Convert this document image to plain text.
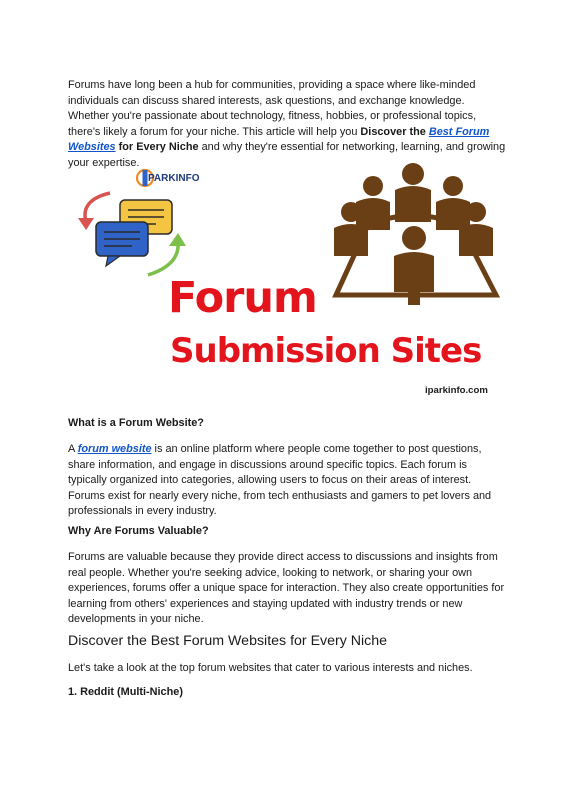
Forums have long been a hub for communities, providing a space where like-minded individuals can discuss shared interests, ask questions, and exchange knowledge. Whether you're passionate about technology, fitness, hobbies, or professional topics, there's likely a forum for your niche. This article will help you Discover the Best Forum Websites for Every Niche and why they're essential for networking, learning, and growing your expertise.

PARKINFO
Forum
Submission Sites
iparkinfo.com
What is a Forum Website?

A forum website is an online platform where people come together to post questions, share information, and engage in discussions around specific topics. Each forum is typically organized into categories, allowing users to focus on their areas of interest. Forums exist for nearly every niche, from tech enthusiasts and gamers to pet lovers and professionals in every industry.

Why Are Forums Valuable?

Forums are valuable because they provide direct access to discussions and insights from real people. Whether you're seeking advice, looking to network, or sharing your own experiences, forums offer a unique space for interaction. They also create opportunities for learning from others' experiences and staying updated with industry trends or new developments in your niche.

Discover the Best Forum Websites for Every Niche

Let's take a look at the top forum websites that cater to various interests and niches.

1. Reddit (Multi-Niche)
